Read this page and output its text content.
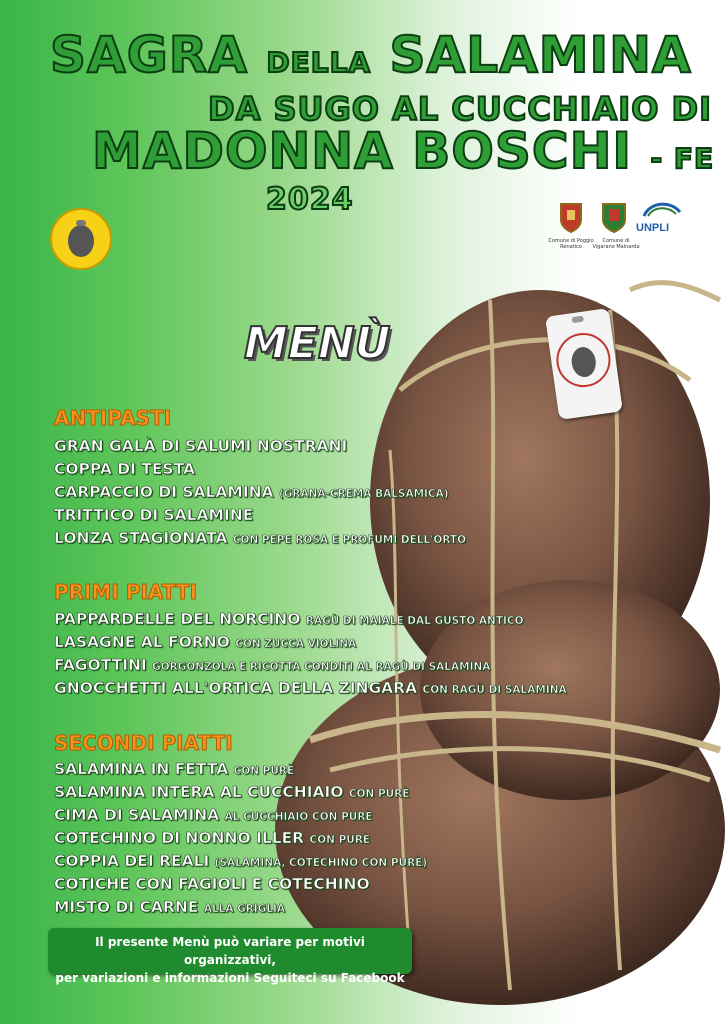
SAGRA DELLA SALAMINA
DA SUGO AL CUCCHIAIO DI
MADONNA BOSCHI - FE
2024
Comune di Poggio Renatico
Comune di Vigarano Mainarda
UNPLI
MENÙ
ANTIPASTI
GRAN GALÀ DI SALUMI NOSTRANI
COPPA DI TESTA
CARPACCIO DI SALAMINA (GRANA-CREMA BALSAMICA)
TRITTICO DI SALAMINE
LONZA STAGIONATA CON PEPE ROSA E PROFUMI DELL'ORTO
PRIMI PIATTI
PAPPARDELLE DEL NORCINO RAGÙ DI MAIALE DAL GUSTO ANTICO
LASAGNE AL FORNO CON ZUCCA VIOLINA
FAGOTTINI GORGONZOLA E RICOTTA CONDITI AL RAGÙ DI SALAMINA
GNOCCHETTI ALL'ORTICA DELLA ZINGARA CON RAGÙ DI SALAMINA
SECONDI PIATTI
SALAMINA IN FETTA CON PURÈ
SALAMINA INTERA AL CUCCHIAIO CON PURÈ
CIMA DI SALAMINA AL CUCCHIAIO CON PURÈ
COTECHINO DI NONNO ILLER CON PURÈ
COPPIA DEI REALI (SALAMINA, COTECHINO CON PURÈ)
COTICHE CON FAGIOLI E COTECHINO
MISTO DI CARNE ALLA GRIGLIA
Il presente Menù può variare per motivi organizzativi,
per variazioni e informazioni Seguiteci su Facebook
